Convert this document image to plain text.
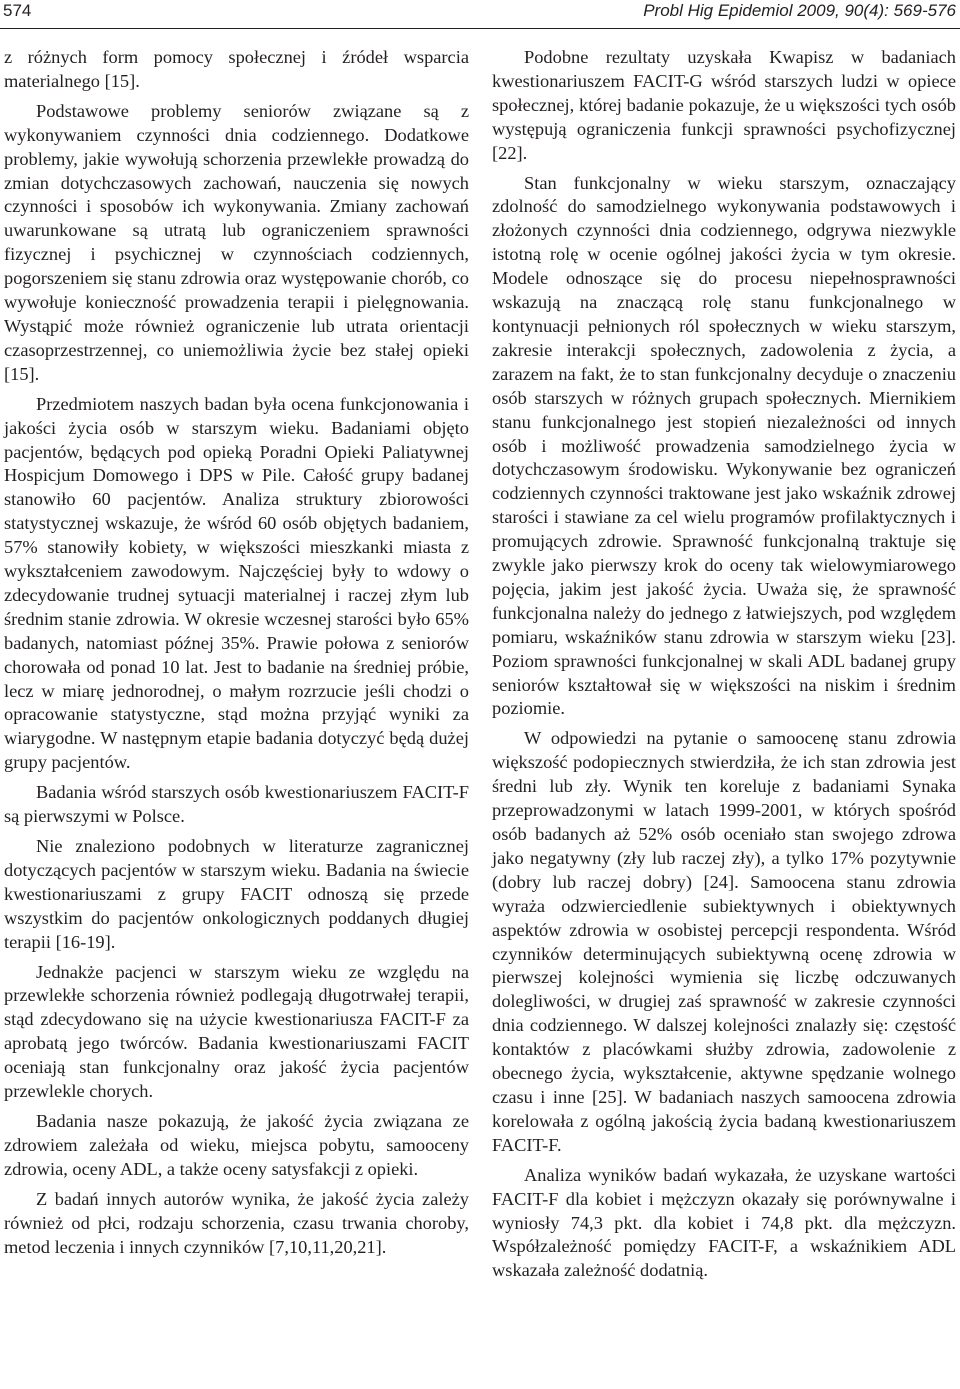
574	Probl Hig Epidemiol 2009, 90(4): 569-576

z różnych form pomocy społecznej i źródeł wsparcia materialnego [15].

Podstawowe problemy seniorów związane są z wykonywaniem czynności dnia codziennego. Dodatkowe problemy, jakie wywołują schorzenia przewlekłe prowadzą do zmian dotychczasowych zachowań, nauczenia się nowych czynności i sposobów ich wykonywania. Zmiany zachowań uwarunkowane są utratą lub ograniczeniem sprawności fizycznej i psychicznej w czynnościach codziennych, pogorszeniem się stanu zdrowia oraz występowanie chorób, co wywołuje konieczność prowadzenia terapii i pielęgnowania. Wystąpić może również ograniczenie lub utrata orientacji czasoprzestrzennej, co uniemożliwia życie bez stałej opieki [15].

Przedmiotem naszych badan była ocena funkcjonowania i jakości życia osób w starszym wieku. Badaniami objęto pacjentów, będących pod opieką Poradni Opieki Paliatywnej Hospicjum Domowego i DPS w Pile. Całość grupy badanej stanowiło 60 pacjentów. Analiza struktury zbiorowości statystycznej wskazuje, że wśród 60 osób objętych badaniem, 57% stanowiły kobiety, w większości mieszkanki miasta z wykształceniem zawodowym. Najczęściej były to wdowy o zdecydowanie trudnej sytuacji materialnej i raczej złym lub średnim stanie zdrowia. W okresie wczesnej starości było 65% badanych, natomiast późnej 35%. Prawie połowa z seniorów chorowała od ponad 10 lat. Jest to badanie na średniej próbie, lecz w miarę jednorodnej, o małym rozrzucie jeśli chodzi o opracowanie statystyczne, stąd można przyjąć wyniki za wiarygodne. W następnym etapie badania dotyczyć będą dużej grupy pacjentów.

Badania wśród starszych osób kwestionariuszem FACIT-F są pierwszymi w Polsce.

Nie znaleziono podobnych w literaturze zagranicznej dotyczących pacjentów w starszym wieku. Badania na świecie kwestionariuszami z grupy FACIT odnoszą się przede wszystkim do pacjentów onkologicznych poddanych długiej terapii [16-19].

Jednakże pacjenci w starszym wieku ze względu na przewlekłe schorzenia również podlegają długotrwałej terapii, stąd zdecydowano się na użycie kwestionariusza FACIT-F za aprobatą jego twórców. Badania kwestionariuszami FACIT oceniają stan funkcjonalny oraz jakość życia pacjentów przewlekle chorych.

Badania nasze pokazują, że jakość życia związana ze zdrowiem zależała od wieku, miejsca pobytu, samooceny zdrowia, oceny ADL, a także oceny satysfakcji z opieki.

Z badań innych autorów wynika, że jakość życia zależy również od płci, rodzaju schorzenia, czasu trwania choroby, metod leczenia i innych czynników [7,10,11,20,21].

Podobne rezultaty uzyskała Kwapisz w badaniach kwestionariuszem FACIT-G wśród starszych ludzi w opiece społecznej, której badanie pokazuje, że u większości tych osób występują ograniczenia funkcji sprawności psychofizycznej [22].

Stan funkcjonalny w wieku starszym, oznaczający zdolność do samodzielnego wykonywania podstawowych i złożonych czynności dnia codziennego, odgrywa niezwykle istotną rolę w ocenie ogólnej jakości życia w tym okresie. Modele odnoszące się do procesu niepełnosprawności wskazują na znaczącą rolę stanu funkcjonalnego w kontynuacji pełnionych ról społecznych w wieku starszym, zakresie interakcji społecznych, zadowolenia z życia, a zarazem na fakt, że to stan funkcjonalny decyduje o znaczeniu osób starszych w różnych grupach społecznych. Miernikiem stanu funkcjonalnego jest stopień niezależności od innych osób i możliwość prowadzenia samodzielnego życia w dotychczasowym środowisku. Wykonywanie bez ograniczeń codziennych czynności traktowane jest jako wskaźnik zdrowej starości i stawiane za cel wielu programów profilaktycznych i promujących zdrowie. Sprawność funkcjonalną traktuje się zwykle jako pierwszy krok do oceny tak wielowymiarowego pojęcia, jakim jest jakość życia. Uważa się, że sprawność funkcjonalna należy do jednego z łatwiejszych, pod względem pomiaru, wskaźników stanu zdrowia w starszym wieku [23]. Poziom sprawności funkcjonalnej w skali ADL badanej grupy seniorów kształtował się w większości na niskim i średnim poziomie.

W odpowiedzi na pytanie o samoocenę stanu zdrowia większość podopiecznych stwierdziła, że ich stan zdrowia jest średni lub zły. Wynik ten koreluje z badaniami Synaka przeprowadzonymi w latach 1999-2001, w których spośród osób badanych aż 52% osób oceniało stan swojego zdrowa jako negatywny (zły lub raczej zły), a tylko 17% pozytywnie (dobry lub raczej dobry) [24]. Samoocena stanu zdrowia wyraża odzwierciedlenie subiektywnych i obiektywnych aspektów zdrowia w osobistej percepcji respondenta. Wśród czynników determinujących subiektywną ocenę zdrowia w pierwszej kolejności wymienia się liczbę odczuwanych dolegliwości, w drugiej zaś sprawność w zakresie czynności dnia codziennego. W dalszej kolejności znalazły się: częstość kontaktów z placówkami służby zdrowia, zadowolenie z obecnego życia, wykształcenie, aktywne spędzanie wolnego czasu i inne [25]. W badaniach naszych samoocena zdrowia korelowała z ogólną jakością życia badaną kwestionariuszem FACIT-F.

Analiza wyników badań wykazała, że uzyskane wartości FACIT-F dla kobiet i mężczyzn okazały się porównywalne i wyniosły 74,3 pkt. dla kobiet i 74,8 pkt. dla mężczyzn. Współzależność pomiędzy FACIT-F, a wskaźnikiem ADL wskazała zależność dodatnią.
